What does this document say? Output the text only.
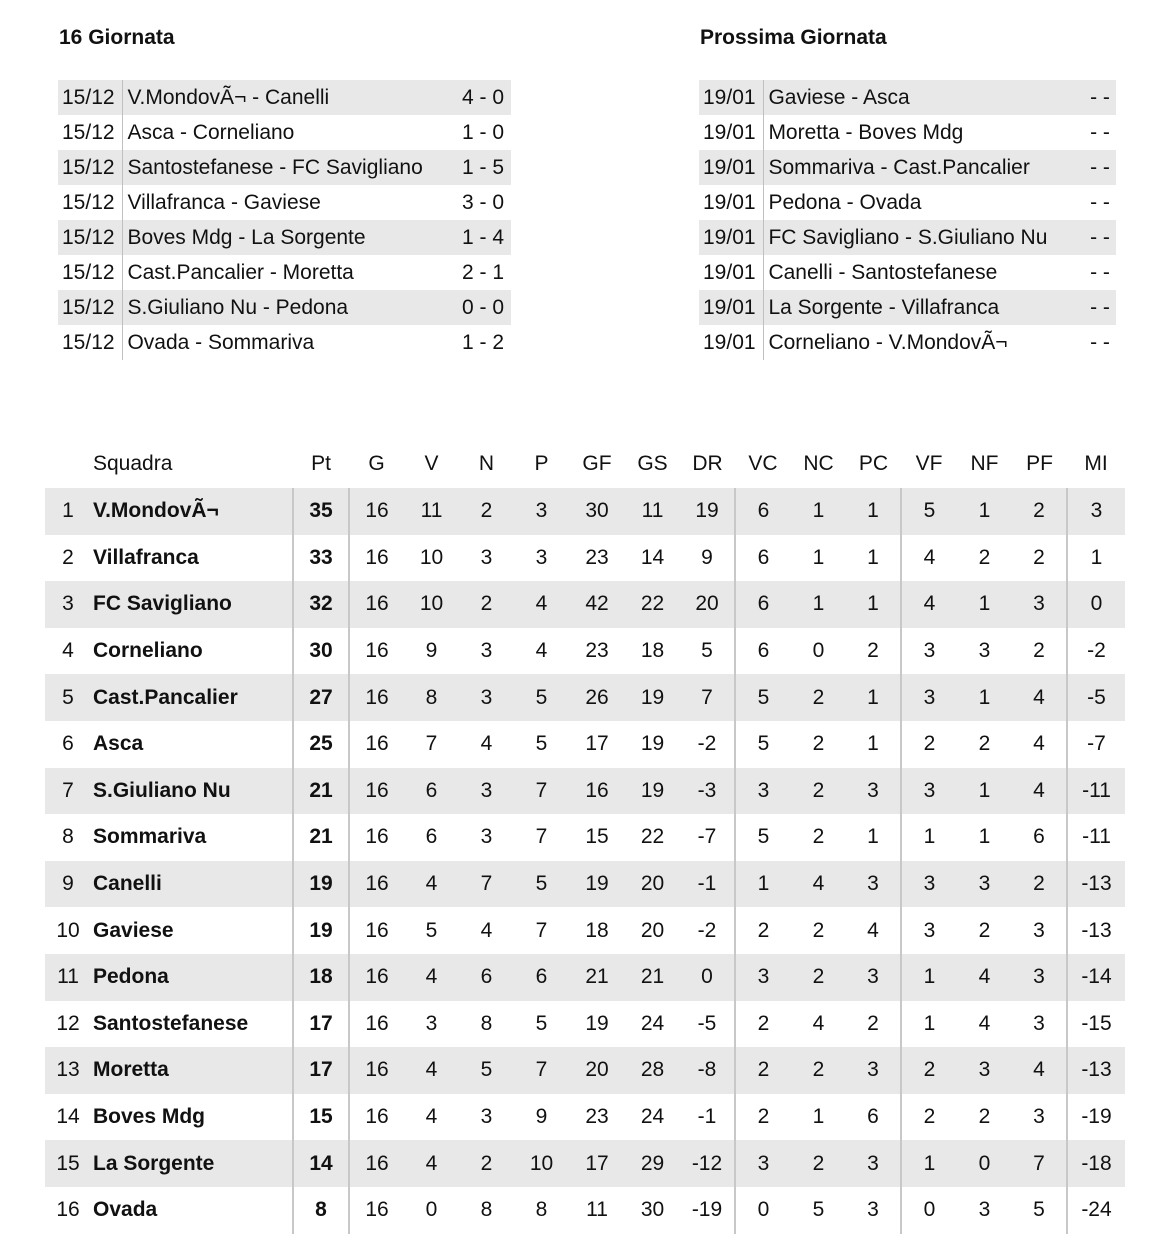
16 Giornata	Prossima Giornata
15/12	V.MondovÃ¬ - Canelli	4 - 0
15/12	Asca - Corneliano	1 - 0
15/12	Santostefanese - FC Savigliano	1 - 5
15/12	Villafranca - Gaviese	3 - 0
15/12	Boves Mdg - La Sorgente	1 - 4
15/12	Cast.Pancalier - Moretta	2 - 1
15/12	S.Giuliano Nu - Pedona	0 - 0
15/12	Ovada - Sommariva	1 - 2
19/01	Gaviese - Asca	- -
19/01	Moretta - Boves Mdg	- -
19/01	Sommariva - Cast.Pancalier	- -
19/01	Pedona - Ovada	- -
19/01	FC Savigliano - S.Giuliano Nu	- -
19/01	Canelli - Santostefanese	- -
19/01	La Sorgente - Villafranca	- -
19/01	Corneliano - V.MondovÃ¬	- -
	Squadra	Pt	G	V	N	P	GF	GS	DR	VC	NC	PC	VF	NF	PF	MI
1	V.MondovÃ¬	35	16	11	2	3	30	11	19	6	1	1	5	1	2	3
2	Villafranca	33	16	10	3	3	23	14	9	6	1	1	4	2	2	1
3	FC Savigliano	32	16	10	2	4	42	22	20	6	1	1	4	1	3	0
4	Corneliano	30	16	9	3	4	23	18	5	6	0	2	3	3	2	-2
5	Cast.Pancalier	27	16	8	3	5	26	19	7	5	2	1	3	1	4	-5
6	Asca	25	16	7	4	5	17	19	-2	5	2	1	2	2	4	-7
7	S.Giuliano Nu	21	16	6	3	7	16	19	-3	3	2	3	3	1	4	-11
8	Sommariva	21	16	6	3	7	15	22	-7	5	2	1	1	1	6	-11
9	Canelli	19	16	4	7	5	19	20	-1	1	4	3	3	3	2	-13
10	Gaviese	19	16	5	4	7	18	20	-2	2	2	4	3	2	3	-13
11	Pedona	18	16	4	6	6	21	21	0	3	2	3	1	4	3	-14
12	Santostefanese	17	16	3	8	5	19	24	-5	2	4	2	1	4	3	-15
13	Moretta	17	16	4	5	7	20	28	-8	2	2	3	2	3	4	-13
14	Boves Mdg	15	16	4	3	9	23	24	-1	2	1	6	2	2	3	-19
15	La Sorgente	14	16	4	2	10	17	29	-12	3	2	3	1	0	7	-18
16	Ovada	8	16	0	8	8	11	30	-19	0	5	3	0	3	5	-24
